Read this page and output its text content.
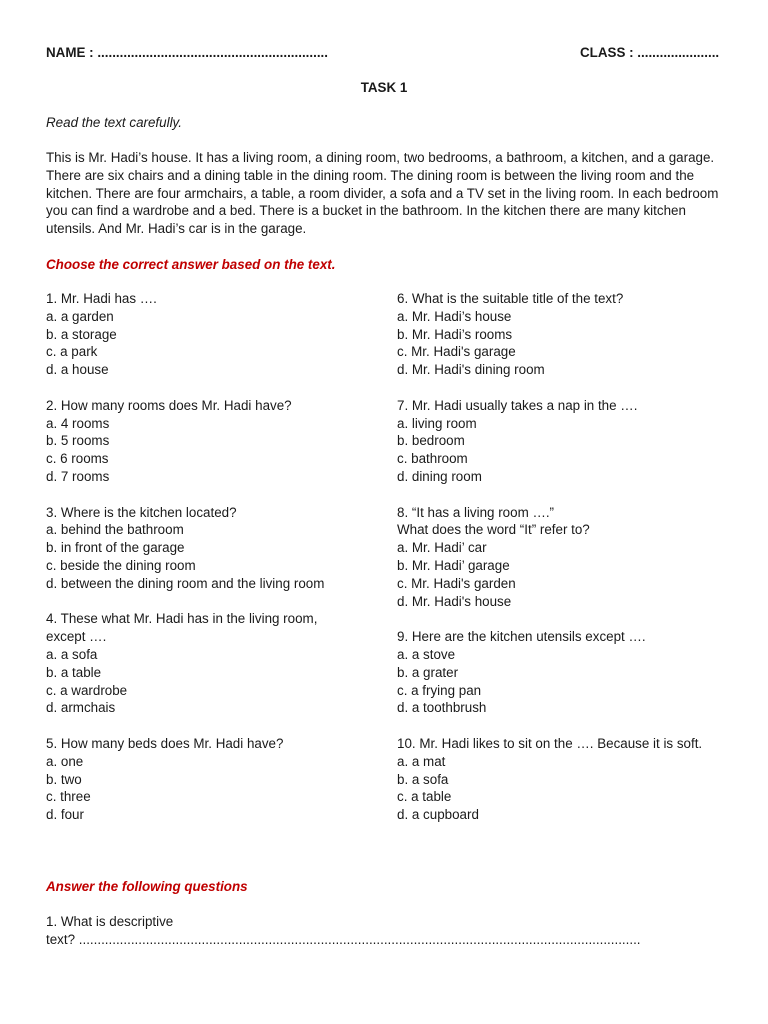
NAME : ..............................................................	CLASS : ......................
TASK 1
Read the text carefully.
This is Mr. Hadi’s house. It has a living room, a dining room, two bedrooms, a bathroom, a kitchen, and a garage. There are six chairs and a dining table in the dining room. The dining room is between the living room and the kitchen. There are four armchairs, a table, a room divider, a sofa and a TV set in the living room. In each bedroom you can find a wardrobe and a bed. There is a bucket in the bathroom. In the kitchen there are many kitchen utensils. And Mr. Hadi’s car is in the garage.
Choose the correct answer based on the text.

1. Mr. Hadi has ….

a. a garden

b. a storage

c. a park

d. a house

2. How many rooms does Mr. Hadi have?

a. 4 rooms

b. 5 rooms

c. 6 rooms

d. 7 rooms

3. Where is the kitchen located?

a. behind the bathroom

b. in front of the garage

c. beside the dining room

d. between the dining room and the living room

4. These what Mr. Hadi has in the living room,

except ….

a. a sofa

b. a table

c. a wardrobe

d. armchais

5. How many beds does Mr. Hadi have?

a. one

b. two

c. three

d. four

6. What is the suitable title of the text?

a. Mr. Hadi’s house

b. Mr. Hadi’s rooms

c. Mr. Hadi's garage

d. Mr. Hadi's dining room

7. Mr. Hadi usually takes a nap in the ….

a. living room

b. bedroom

c. bathroom

d. dining room

8. “It has a living room ….”

What does the word “It” refer to?

a. Mr. Hadi’ car

b. Mr. Hadi’ garage

c. Mr. Hadi's garden

d. Mr. Hadi's house

9. Here are the kitchen utensils except ….

a. a stove

b. a grater

c. a frying pan

d. a toothbrush

10. Mr. Hadi likes to sit on the …. Because it is soft.

a. a mat

b. a sofa

c. a table

d. a cupboard

Answer the following questions
1. What is descriptive
text? .......................................................................................................................................................
